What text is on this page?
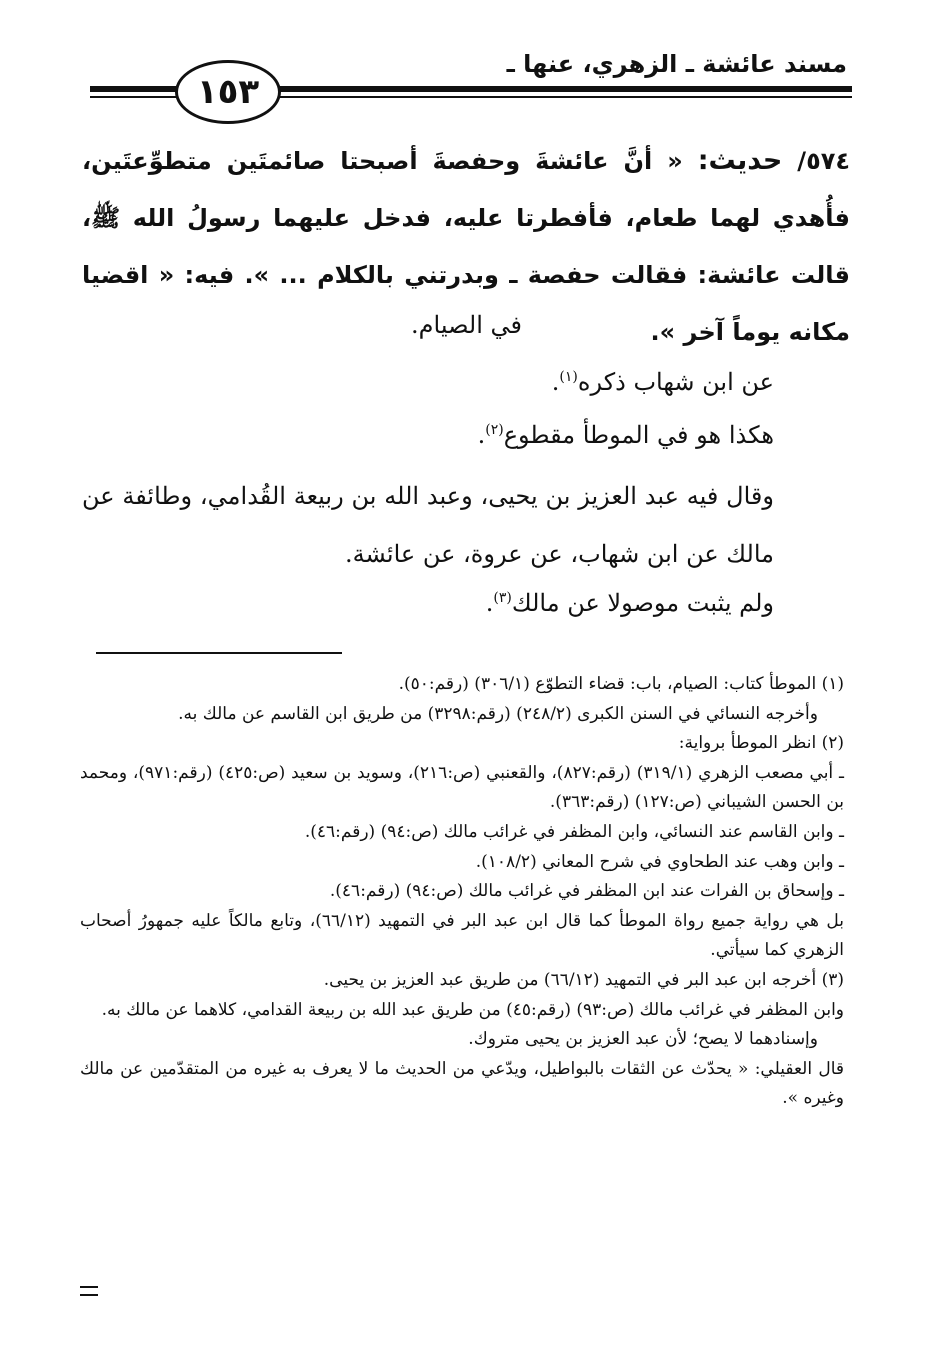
مسند عائشة ـ الزهري، عنها ـ
١٥٣
٥٧٤/ حديث: « أنَّ عائشةَ وحفصةَ أصبحتا صائمتَين متطوِّعتَين، فأُهدي لهما طعام، فأفطرتا عليه، فدخل عليهما رسولُ الله ﷺ، قالت عائشة: فقالت حفصة ـ وبدرتني بالكلام ... ». فيه: « اقضيا مكانه يوماً آخر ».
في الصيام.
عن ابن شهاب ذكره$^{(١)}$.
هكذا هو في الموطأ مقطوع$^{(٢)}$.
وقال فيه عبد العزيز بن يحيى، وعبد الله بن ربيعة القُدامي، وطائفة عن مالك عن ابن شهاب، عن عروة، عن عائشة.
ولم يثبت موصولا عن مالك$^{(٣)}$.

(١) الموطأ كتاب: الصيام، باب: قضاء التطوّع (٣٠٦/١) (رقم:٥٠).

وأخرجه النسائي في السنن الكبرى (٢٤٨/٢) (رقم:٣٢٩٨) من طريق ابن القاسم عن مالك به.

(٢) انظر الموطأ برواية:

ـ أبي مصعب الزهري (٣١٩/١) (رقم:٨٢٧)، والقعنبي (ص:٢١٦)، وسويد بن سعيد (ص:٤٢٥) (رقم:٩٧١)، ومحمد بن الحسن الشيباني (ص:١٢٧) (رقم:٣٦٣).

ـ وابن القاسم عند النسائي، وابن المظفر في غرائب مالك (ص:٩٤) (رقم:٤٦).

ـ وابن وهب عند الطحاوي في شرح المعاني (١٠٨/٢).

ـ وإسحاق بن الفرات عند ابن المظفر في غرائب مالك (ص:٩٤) (رقم:٤٦).

بل هي رواية جميع رواة الموطأ كما قال ابن عبد البر في التمهيد (٦٦/١٢)، وتابع مالكاً عليه جمهورُ أصحاب الزهري كما سيأتي.

(٣) أخرجه ابن عبد البر في التمهيد (٦٦/١٢) من طريق عبد العزيز بن يحيى.

وابن المظفر في غرائب مالك (ص:٩٣) (رقم:٤٥) من طريق عبد الله بن ربيعة القدامي، كلاهما عن مالك به.

وإسنادهما لا يصح؛ لأن عبد العزيز بن يحيى متروك.

قال العقيلي: « يحدّث عن الثقات بالبواطيل، ويدّعي من الحديث ما لا يعرف به غيره من المتقدّمين عن مالك وغيره ».
